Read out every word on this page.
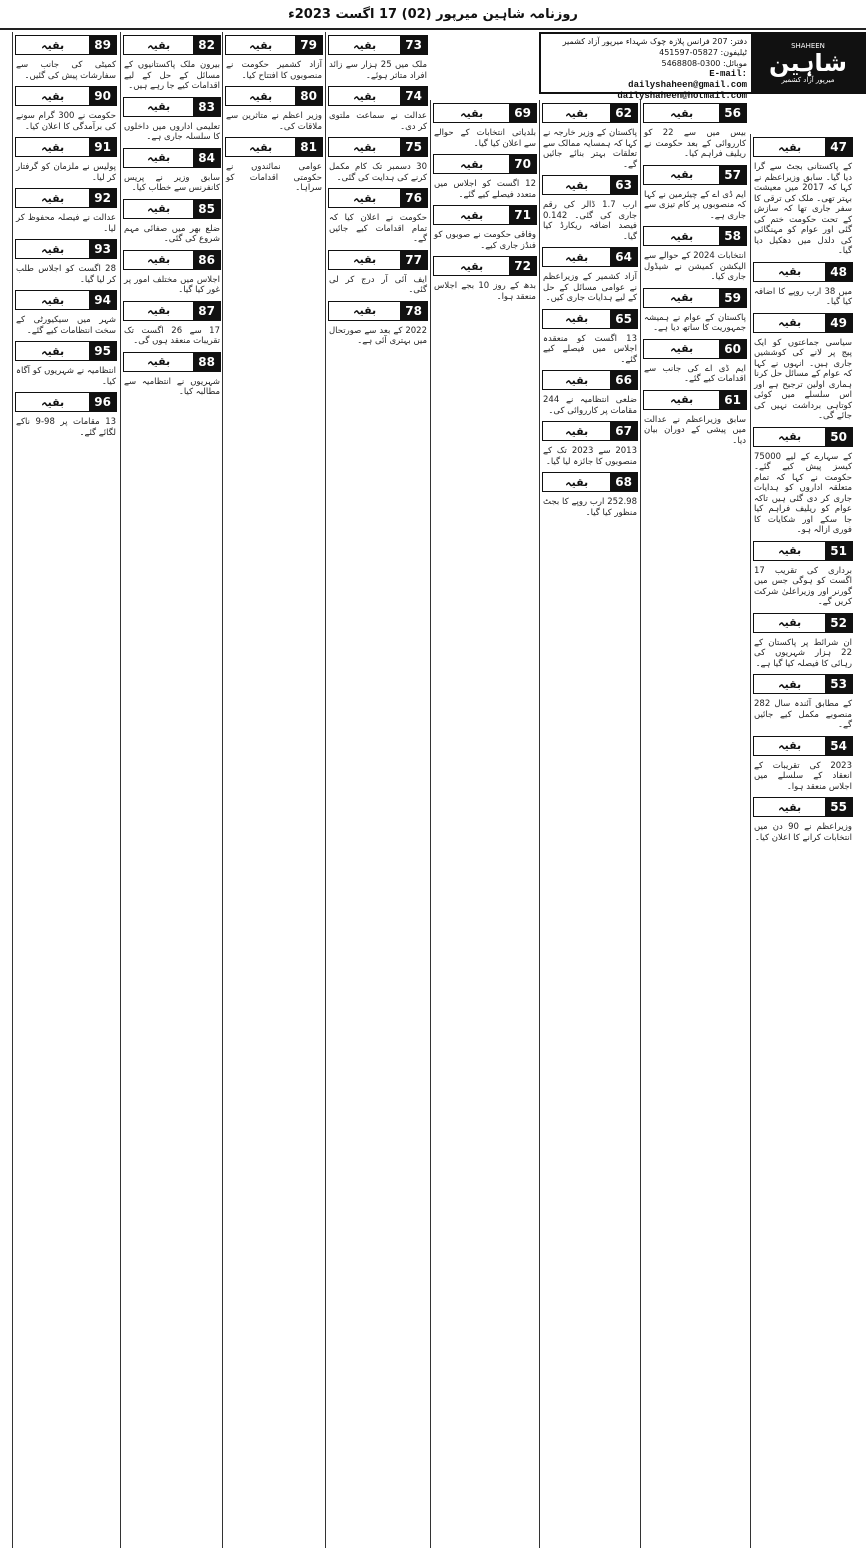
روزنامہ شاہین میرپور (02) 17 اگست 2023ء
دفتر: 207 فرانس پلازہ چوک شہداء میرپور آزاد کشمیر
ٹیلیفون: 05827-451597
موبائل: 0300-5468808
E-mail:
dailyshaheen@gmail.com
dailyshaheen@hotmail.com
SHAHEEN
شاہین
میرپور آزاد کشمیر
بقیہ	47
کے پاکستانی بجٹ سے گرا دیا گیا۔ سابق وزیراعظم نے کہا کہ 2017 میں معیشت بہتر تھی۔ ملک کی ترقی کا سفر جاری تھا کہ سازش کے تحت حکومت ختم کی گئی اور عوام کو مہنگائی کی دلدل میں دھکیل دیا گیا۔
بقیہ	48
میں 38 ارب روپے کا اضافہ کیا گیا۔
بقیہ	49
سیاسی جماعتوں کو ایک پیج پر لانے کی کوششیں جاری ہیں۔ انہوں نے کہا کہ عوام کے مسائل حل کرنا ہماری اولین ترجیح ہے اور اس سلسلے میں کوئی کوتاہی برداشت نہیں کی جائے گی۔
بقیہ	50
کے سہارے کے لیے 75000 کیسز پیش کیے گئے۔ حکومت نے کہا کہ تمام متعلقہ اداروں کو ہدایات جاری کر دی گئی ہیں تاکہ عوام کو ریلیف فراہم کیا جا سکے اور شکایات کا فوری ازالہ ہو۔
بقیہ	51
برداری کی تقریب 17 اگست کو ہوگی جس میں گورنر اور وزیراعلیٰ شرکت کریں گے۔
بقیہ	52
ان شرائط پر پاکستان کے 22 ہزار شہریوں کی رہائی کا فیصلہ کیا گیا ہے۔
بقیہ	53
کے مطابق آئندہ سال 282 منصوبے مکمل کیے جائیں گے۔
بقیہ	54
2023 کی تقریبات کے انعقاد کے سلسلے میں اجلاس منعقد ہوا۔
بقیہ	55
وزیراعظم نے 90 دن میں انتخابات کرانے کا اعلان کیا۔
بقیہ	56
بیس میں سے 22 کو کارروائی کے بعد حکومت نے ریلیف فراہم کیا۔
بقیہ	57
ایم ڈی اے کے چیئرمین نے کہا کہ منصوبوں پر کام تیزی سے جاری ہے۔
بقیہ	58
انتخابات 2024 کے حوالے سے الیکشن کمیشن نے شیڈول جاری کیا۔
بقیہ	59
پاکستان کے عوام نے ہمیشہ جمہوریت کا ساتھ دیا ہے۔
بقیہ	60
ایم ڈی اے کی جانب سے اقدامات کیے گئے۔
بقیہ	61
سابق وزیراعظم نے عدالت میں پیشی کے دوران بیان دیا۔
بقیہ	62
پاکستان کے وزیر خارجہ نے کہا کہ ہمسایہ ممالک سے تعلقات بہتر بنائے جائیں گے۔
بقیہ	63
ارب 1.7 ڈالر کی رقم جاری کی گئی۔ 0.142 فیصد اضافہ ریکارڈ کیا گیا۔
بقیہ	64
آزاد کشمیر کے وزیراعظم نے عوامی مسائل کے حل کے لیے ہدایات جاری کیں۔
بقیہ	65
13 اگست کو منعقدہ اجلاس میں فیصلے کیے گئے۔
بقیہ	66
ضلعی انتظامیہ نے 244 مقامات پر کارروائی کی۔
بقیہ	67
2013 سے 2023 تک کے منصوبوں کا جائزہ لیا گیا۔
بقیہ	68
252.98 ارب روپے کا بجٹ منظور کیا گیا۔
بقیہ	69
بلدیاتی انتخابات کے حوالے سے اعلان کیا گیا۔
بقیہ	70
12 اگست کو اجلاس میں متعدد فیصلے کیے گئے۔
بقیہ	71
وفاقی حکومت نے صوبوں کو فنڈز جاری کیے۔
بقیہ	72
بدھ کے روز 10 بجے اجلاس منعقد ہوا۔
بقیہ	73
ملک میں 25 ہزار سے زائد افراد متاثر ہوئے۔
بقیہ	74
عدالت نے سماعت ملتوی کر دی۔
بقیہ	75
30 دسمبر تک کام مکمل کرنے کی ہدایت کی گئی۔
بقیہ	76
حکومت نے اعلان کیا کہ تمام اقدامات کیے جائیں گے۔
بقیہ	77
ایف آئی آر درج کر لی گئی۔
بقیہ	78
2022 کے بعد سے صورتحال میں بہتری آئی ہے۔
بقیہ	79
آزاد کشمیر حکومت نے منصوبوں کا افتتاح کیا۔
بقیہ	80
وزیر اعظم نے متاثرین سے ملاقات کی۔
بقیہ	81
عوامی نمائندوں نے حکومتی اقدامات کو سراہا۔
بقیہ	82
بیرون ملک پاکستانیوں کے مسائل کے حل کے لیے اقدامات کیے جا رہے ہیں۔
بقیہ	83
تعلیمی اداروں میں داخلوں کا سلسلہ جاری ہے۔
بقیہ	84
سابق وزیر نے پریس کانفرنس سے خطاب کیا۔
بقیہ	85
ضلع بھر میں صفائی مہم شروع کی گئی۔
بقیہ	86
اجلاس میں مختلف امور پر غور کیا گیا۔
بقیہ	87
17 سے 26 اگست تک تقریبات منعقد ہوں گی۔
بقیہ	88
شہریوں نے انتظامیہ سے مطالبہ کیا۔
بقیہ	89
کمیٹی کی جانب سے سفارشات پیش کی گئیں۔
بقیہ	90
حکومت نے 300 گرام سونے کی برآمدگی کا اعلان کیا۔
بقیہ	91
پولیس نے ملزمان کو گرفتار کر لیا۔
بقیہ	92
عدالت نے فیصلہ محفوظ کر لیا۔
بقیہ	93
28 اگست کو اجلاس طلب کر لیا گیا۔
بقیہ	94
شہر میں سیکیورٹی کے سخت انتظامات کیے گئے۔
بقیہ	95
انتظامیہ نے شہریوں کو آگاہ کیا۔
بقیہ	96
13 مقامات پر 98-9 ناکے لگائے گئے۔
